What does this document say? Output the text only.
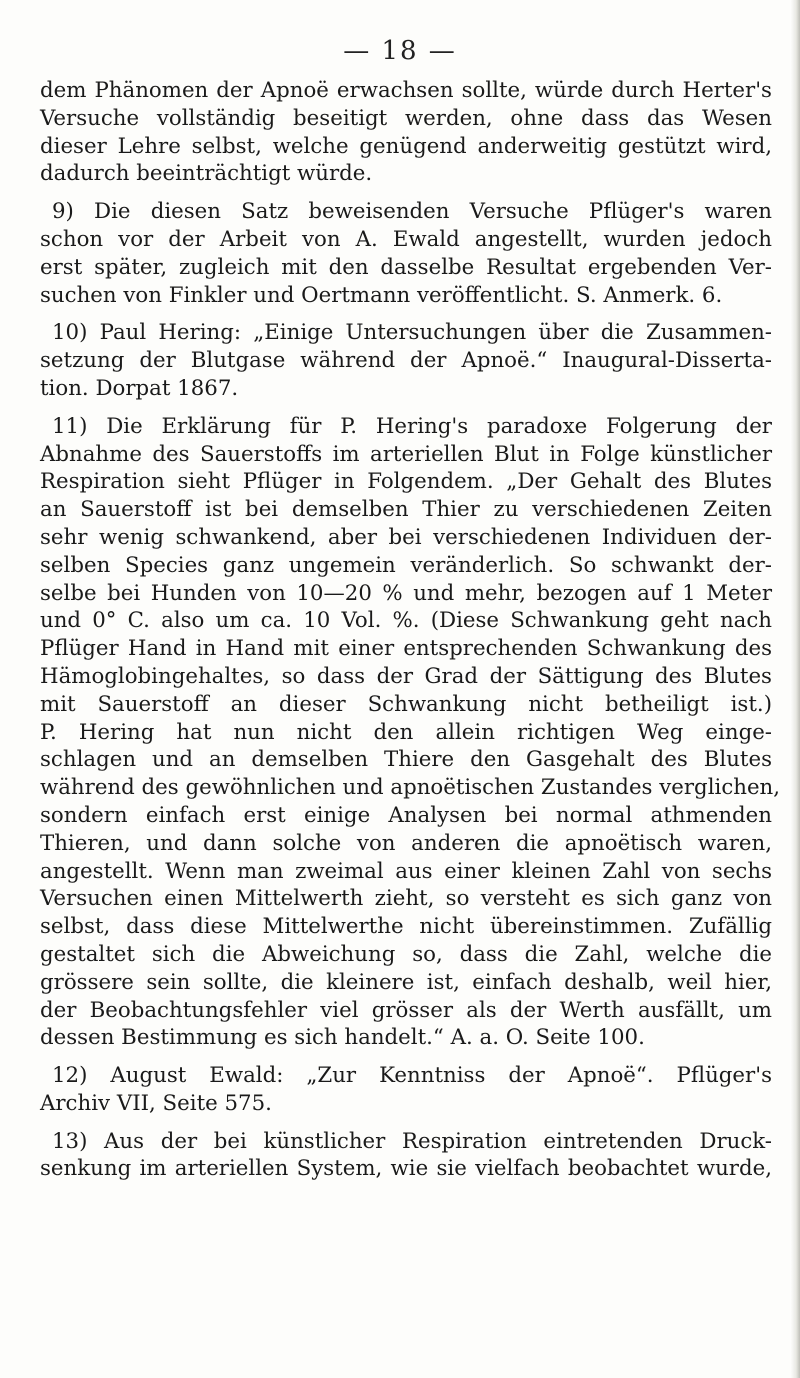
— 18 —
dem Phänomen der Apnoë erwachsen sollte, würde durch Herter's
Versuche vollständig beseitigt werden, ohne dass das Wesen
dieser Lehre selbst, welche genügend anderweitig gestützt wird,
dadurch beeinträchtigt würde.
9) Die diesen Satz beweisenden Versuche Pflüger's waren
schon vor der Arbeit von A. Ewald angestellt, wurden jedoch
erst später, zugleich mit den dasselbe Resultat ergebenden Ver-
suchen von Finkler und Oertmann veröffentlicht. S. Anmerk. 6.
10) Paul Hering: „Einige Untersuchungen über die Zusammen-
setzung der Blutgase während der Apnoë.“ Inaugural-Disserta-
tion. Dorpat 1867.
11) Die Erklärung für P. Hering's paradoxe Folgerung der
Abnahme des Sauerstoffs im arteriellen Blut in Folge künstlicher
Respiration sieht Pflüger in Folgendem. „Der Gehalt des Blutes
an Sauerstoff ist bei demselben Thier zu verschiedenen Zeiten
sehr wenig schwankend, aber bei verschiedenen Individuen der-
selben Species ganz ungemein veränderlich. So schwankt der-
selbe bei Hunden von 10—20 % und mehr, bezogen auf 1 Meter
und 0° C. also um ca. 10 Vol. %. (Diese Schwankung geht nach
Pflüger Hand in Hand mit einer entsprechenden Schwankung des
Hämoglobingehaltes, so dass der Grad der Sättigung des Blutes
mit Sauerstoff an dieser Schwankung nicht betheiligt ist.)
P. Hering hat nun nicht den allein richtigen Weg einge-
schlagen und an demselben Thiere den Gasgehalt des Blutes
während des gewöhnlichen und apnoëtischen Zustandes verglichen,
sondern einfach erst einige Analysen bei normal athmenden
Thieren, und dann solche von anderen die apnoëtisch waren,
angestellt. Wenn man zweimal aus einer kleinen Zahl von sechs
Versuchen einen Mittelwerth zieht, so versteht es sich ganz von
selbst, dass diese Mittelwerthe nicht übereinstimmen. Zufällig
gestaltet sich die Abweichung so, dass die Zahl, welche die
grössere sein sollte, die kleinere ist, einfach deshalb, weil hier,
der Beobachtungsfehler viel grösser als der Werth ausfällt, um
dessen Bestimmung es sich handelt.“ A. a. O. Seite 100.
12) August Ewald: „Zur Kenntniss der Apnoë“. Pflüger's
Archiv VII, Seite 575.
13) Aus der bei künstlicher Respiration eintretenden Druck-
senkung im arteriellen System, wie sie vielfach beobachtet wurde,
